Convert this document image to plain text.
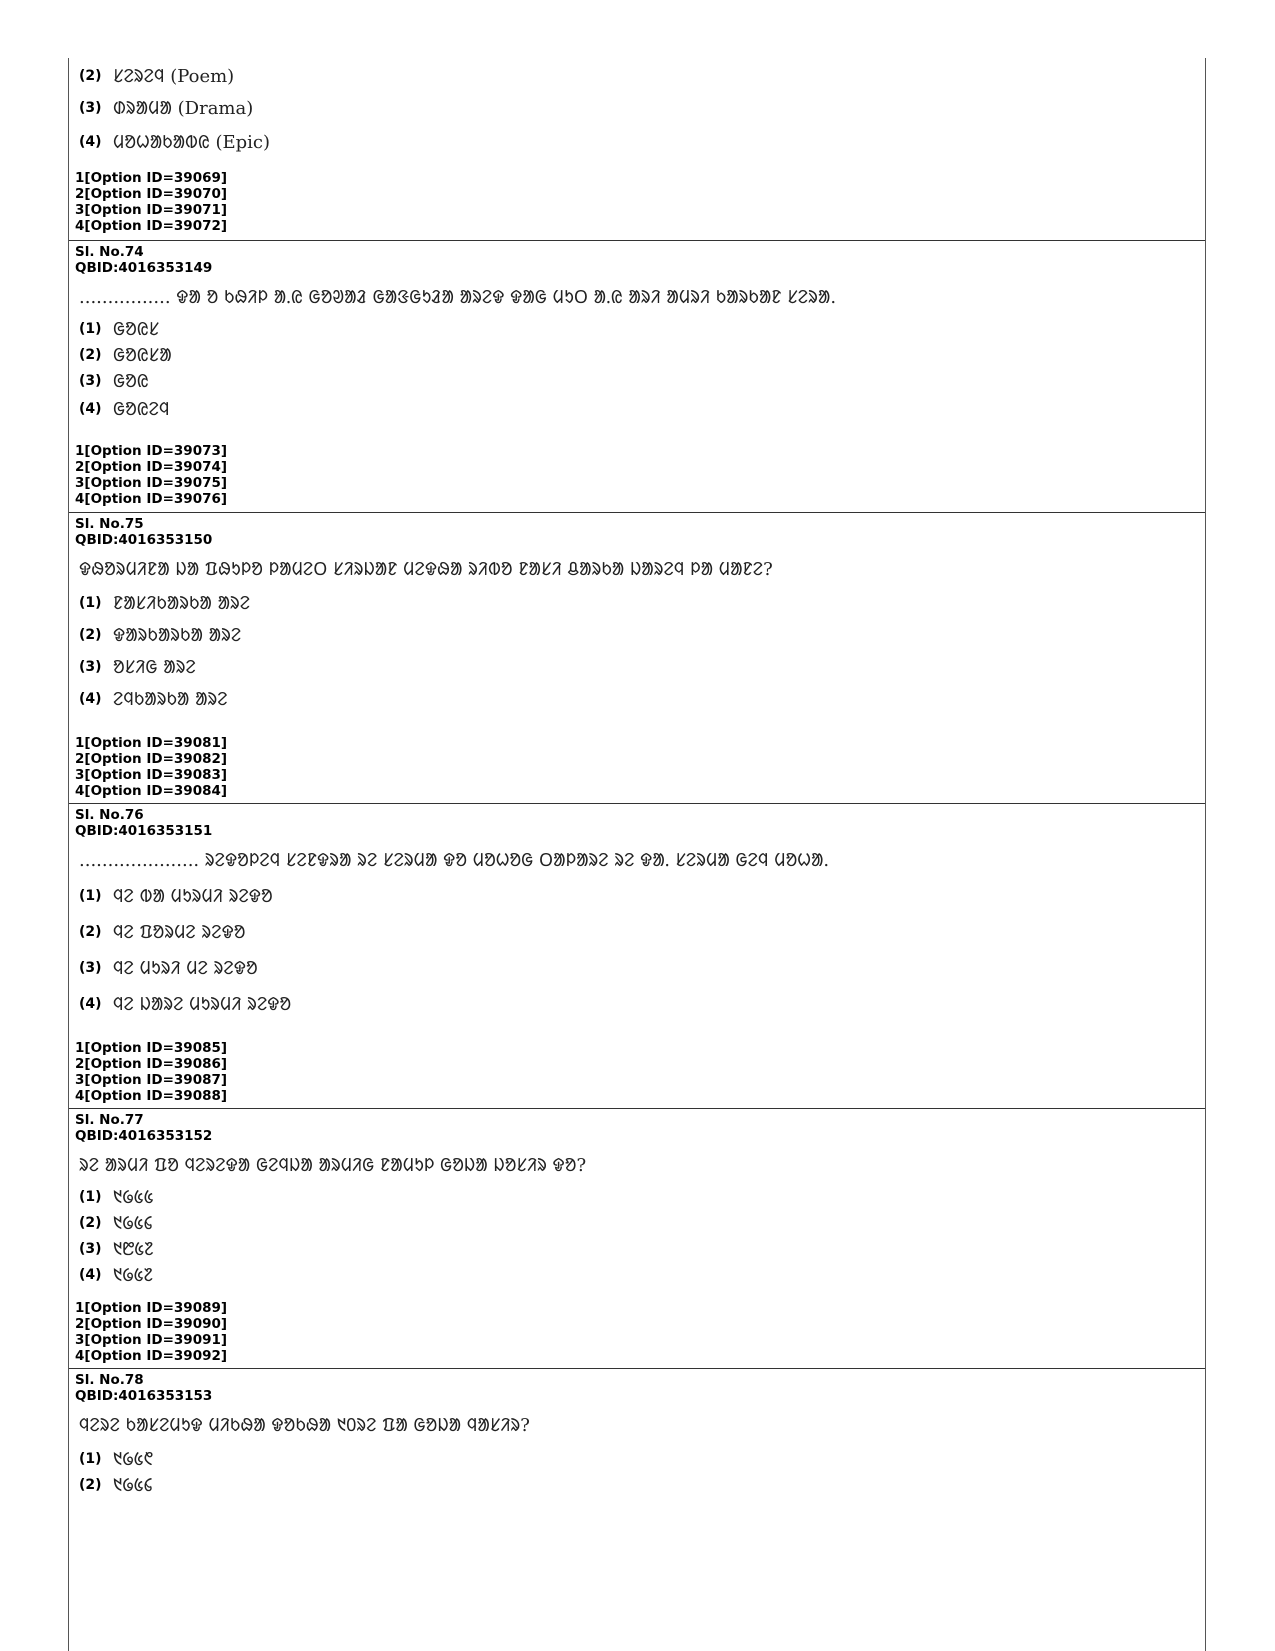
(2) ᱥᱮᱨᱮᱧ (Poem)
(3) ᱰᱨᱟᱢᱟ (Drama)
(4) ᱢᱚᱦᱟᱠᱟᱵᱭ (Epic)
1[Option ID=39069]
2[Option ID=39070]
3[Option ID=39071]
4[Option ID=39072]
Sl. No.74
QBID:4016353149
................ ᱫᱟ ᱚ ᱠᱷᱤᱞ ᱟᱹᱭ ᱜᱚᱣᱟᱲ ᱜᱟᱝᱜᱩᱲᱟ ᱟᱨᱮᱫ ᱫᱟᱜ ᱢᱩᱛ ᱟᱹᱭ ᱟᱨᱤ ᱟᱢᱨᱤ ᱠᱟᱨᱠᱟᱱ ᱥᱮᱨᱟ.
(1) ᱜᱚᱭᱥ
(2) ᱜᱚᱭᱥᱟ
(3) ᱜᱚᱭ
(4) ᱜᱚᱭᱮᱧ
1[Option ID=39073]
2[Option ID=39074]
3[Option ID=39075]
4[Option ID=39076]
Sl. No.75
QBID:4016353150
ᱫᱷᱚᱨᱢᱤᱱᱟ ᱡᱟ ᱯᱷᱩᱞᱚ ᱞᱟᱢᱮᱛ ᱥᱤᱨᱡᱟᱱ ᱢᱮᱫᱷᱟ ᱨᱤᱵᱚ ᱱᱟᱥᱤ ᱪᱟᱨᱠᱟ ᱡᱟᱨᱮᱧ ᱞᱟ ᱢᱟᱱᱮ?
(1) ᱱᱟᱥᱤᱠᱟᱨᱠᱟ ᱟᱨᱮ
(2) ᱫᱟᱨᱠᱟᱨᱠᱟ ᱟᱨᱮ
(3) ᱚᱥᱤᱜ ᱟᱨᱮ
(4) ᱮᱧᱠᱟᱨᱠᱟ ᱟᱨᱮ
1[Option ID=39081]
2[Option ID=39082]
3[Option ID=39083]
4[Option ID=39084]
Sl. No.76
QBID:4016353151
..................... ᱨᱮᱫᱚᱞᱮᱧ ᱥᱮᱱᱫᱨᱟ ᱨᱮ ᱥᱮᱨᱢᱟ ᱫᱚ ᱢᱚᱦᱚᱜ ᱛᱟᱞᱟᱨᱮ ᱨᱮ ᱫᱟᱹ ᱥᱮᱨᱢᱟ ᱜᱮᱧ ᱢᱚᱦᱟ.
(1) ᱧᱮ ᱵᱟ ᱢᱩᱨᱢᱤ ᱨᱮᱫᱚ
(2) ᱧᱮ ᱯᱚᱨᱢᱮ ᱨᱮᱫᱚ
(3) ᱧᱮ ᱢᱩᱨᱤ ᱢᱮ ᱨᱮᱫᱚ
(4) ᱧᱮ ᱡᱟᱨᱮ ᱢᱩᱨᱢᱤ ᱨᱮᱫᱚ
1[Option ID=39085]
2[Option ID=39086]
3[Option ID=39087]
4[Option ID=39088]
Sl. No.77
QBID:4016353152
ᱨᱮ ᱟᱨᱢᱤ ᱯᱚ ᱧᱮᱨᱮᱫᱟ ᱜᱮᱧᱡᱟ ᱟᱨᱢᱤᱜ ᱱᱟᱢᱩᱞ ᱜᱚᱡᱟ ᱡᱚᱥᱤᱨ ᱫᱚ?
(1) ᱑᱙᱕᱕
(2) ᱑᱙᱕᱔
(3) ᱑᱘᱕᱗
(4) ᱑᱙᱕᱗
1[Option ID=39089]
2[Option ID=39090]
3[Option ID=39091]
4[Option ID=39092]
Sl. No.78
QBID:4016353153
ᱧᱮᱨᱮ ᱠᱟᱥᱮᱢᱩᱫ ᱢᱤᱠᱷᱟ ᱫᱚᱠᱷᱟ ᱑᱐ᱨᱮ ᱯᱟ ᱜᱚᱡᱟ ᱧᱟᱥᱤᱨ?
(1) ᱑᱙᱕᱖
(2) ᱑᱙᱕᱔
